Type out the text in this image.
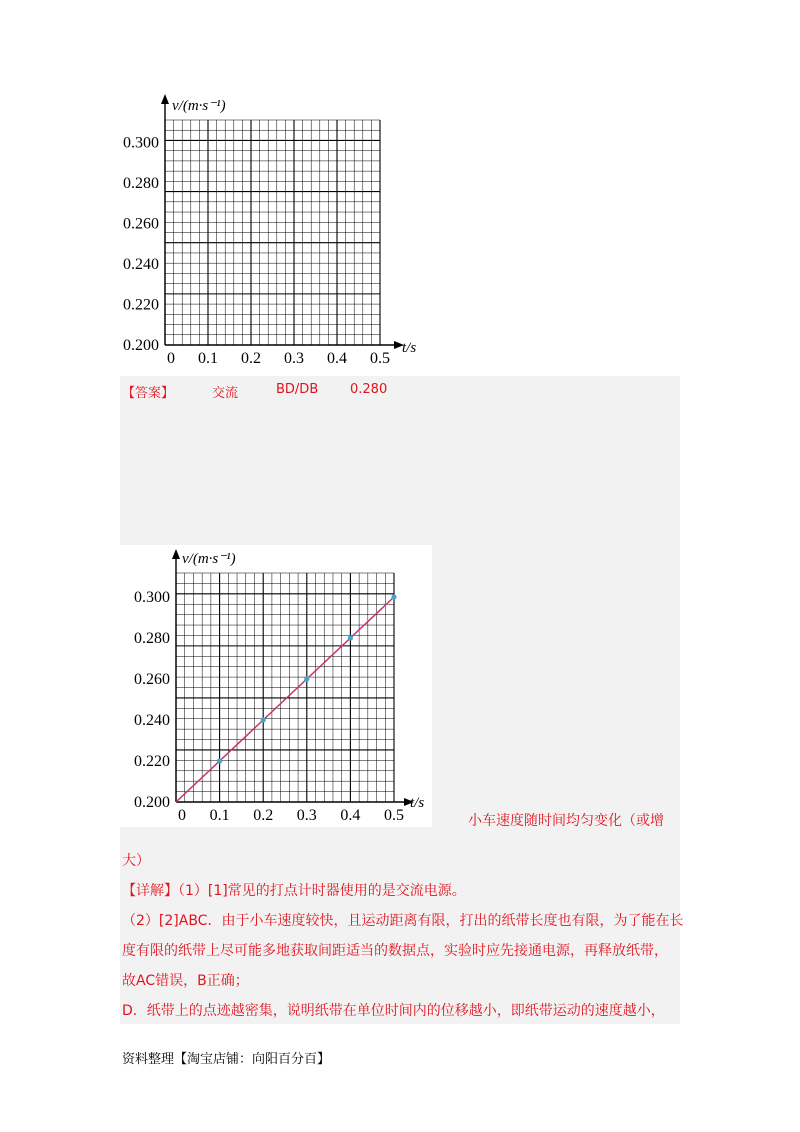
v/(m·s⁻¹)
t/s
0.200
0.220
0.240
0.260
0.280
0.300
0 0.1 0.2 0.3 0.4 0.5
【答案】	交流	BD/DB 0.280
v/(m·s⁻¹)
t/s
0.200
0.220
0.240
0.260
0.280
0.300
0 0.1 0.2 0.3 0.4 0.5	小车速度随时间均匀变化（或增
大）
【详解】（1）[1]常见的打点计时器使用的是交流电源。
（2）[2]ABC．由于小车速度较快，且运动距离有限，打出的纸带长度也有限，为了能在长
度有限的纸带上尽可能多地获取间距适当的数据点，实验时应先接通电源，再释放纸带，
故AC错误，B正确；
D．纸带上的点迹越密集，说明纸带在单位时间内的位移越小，即纸带运动的速度越小，
资料整理【淘宝店铺：向阳百分百】
